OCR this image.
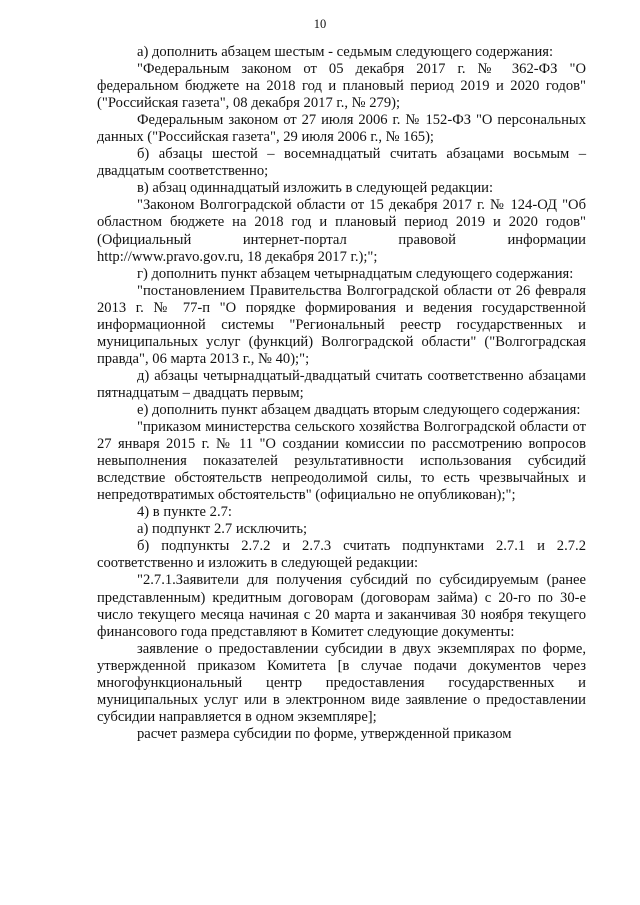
10

а) дополнить абзацем шестым - седьмым следующего содержания:

"Федеральным законом от 05 декабря 2017 г. № 362-ФЗ "О федеральном бюджете на 2018 год и плановый период 2019 и 2020 годов" ("Российская газета", 08 декабря 2017 г., № 279);

Федеральным законом от 27 июля 2006 г. № 152-ФЗ "О персональных данных ("Российская газета", 29 июля 2006 г., № 165);

б) абзацы шестой – восемнадцатый считать абзацами восьмым – двадцатым соответственно;

в) абзац одиннадцатый изложить в следующей редакции:

"Законом Волгоградской области от 15 декабря 2017 г. № 124-ОД "Об областном бюджете на 2018 год и плановый период 2019 и 2020 годов" (Официальный интернет-портал правовой информации http://www.pravo.gov.ru, 18 декабря 2017 г.);";

г) дополнить пункт абзацем четырнадцатым следующего содержания:

"постановлением Правительства Волгоградской области от 26 февраля 2013 г. № 77-п "О порядке формирования и ведения государственной информационной системы "Региональный реестр государственных и муниципальных услуг (функций) Волгоградской области" ("Волгоградская правда", 06 марта 2013 г., № 40);";

д) абзацы четырнадцатый-двадцатый считать соответственно абзацами пятнадцатым – двадцать первым;

е) дополнить пункт абзацем двадцать вторым следующего содержания:

"приказом министерства сельского хозяйства Волгоградской области от 27 января 2015 г. № 11 "О создании комиссии по рассмотрению вопросов невыполнения показателей результативности использования субсидий вследствие обстоятельств непреодолимой силы, то есть чрезвычайных и непредотвратимых обстоятельств" (официально не опубликован);";

4) в пункте 2.7:

а) подпункт 2.7 исключить;

б) подпункты 2.7.2 и 2.7.3 считать подпунктами 2.7.1 и 2.7.2 соответственно и изложить в следующей редакции:

"2.7.1.Заявители для получения субсидий по субсидируемым (ранее представленным) кредитным договорам (договорам займа) с 20-го по 30-е число текущего месяца начиная с 20 марта и заканчивая 30 ноября текущего финансового года представляют в Комитет следующие документы:

заявление о предоставлении субсидии в двух экземплярах по форме, утвержденной приказом Комитета [в случае подачи документов через многофункциональный центр предоставления государственных и муниципальных услуг или в электронном виде заявление о предоставлении субсидии направляется в одном экземпляре];

расчет размера субсидии по форме, утвержденной приказом
